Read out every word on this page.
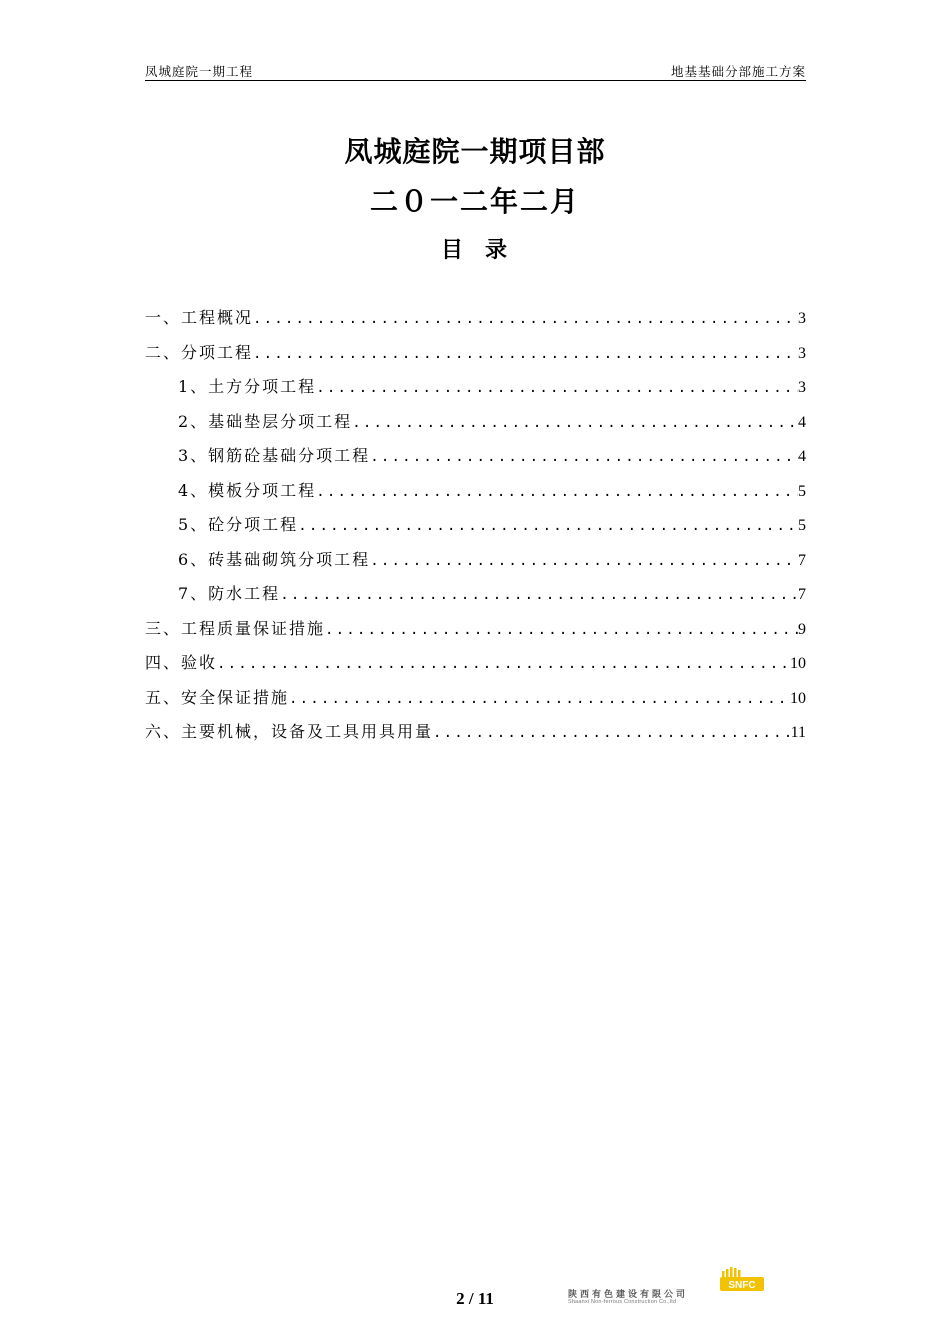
凤城庭院一期工程	地基基础分部施工方案
凤城庭院一期项目部
二０一二年二月
目录
一、工程概况 .....	3
二、分项工程 .....	3
1、土方分项工程 .....	3
2、基础垫层分项工程 .....	4
3、钢筋砼基础分项工程 .....	4
4、模板分项工程 .....	5
5、砼分项工程 .....	5
6、砖基础砌筑分项工程 .....	7
7、防水工程 .....	7
三、工程质量保证措施 .....	9
四、验收 .....	10
五、安全保证措施 .....	10
六、主要机械，设备及工具用具用量 .....	11
2 / 11
SNFC
陕西有色建设有限公司
Shaanxi Non-ferrous Construction Co.,ltd
